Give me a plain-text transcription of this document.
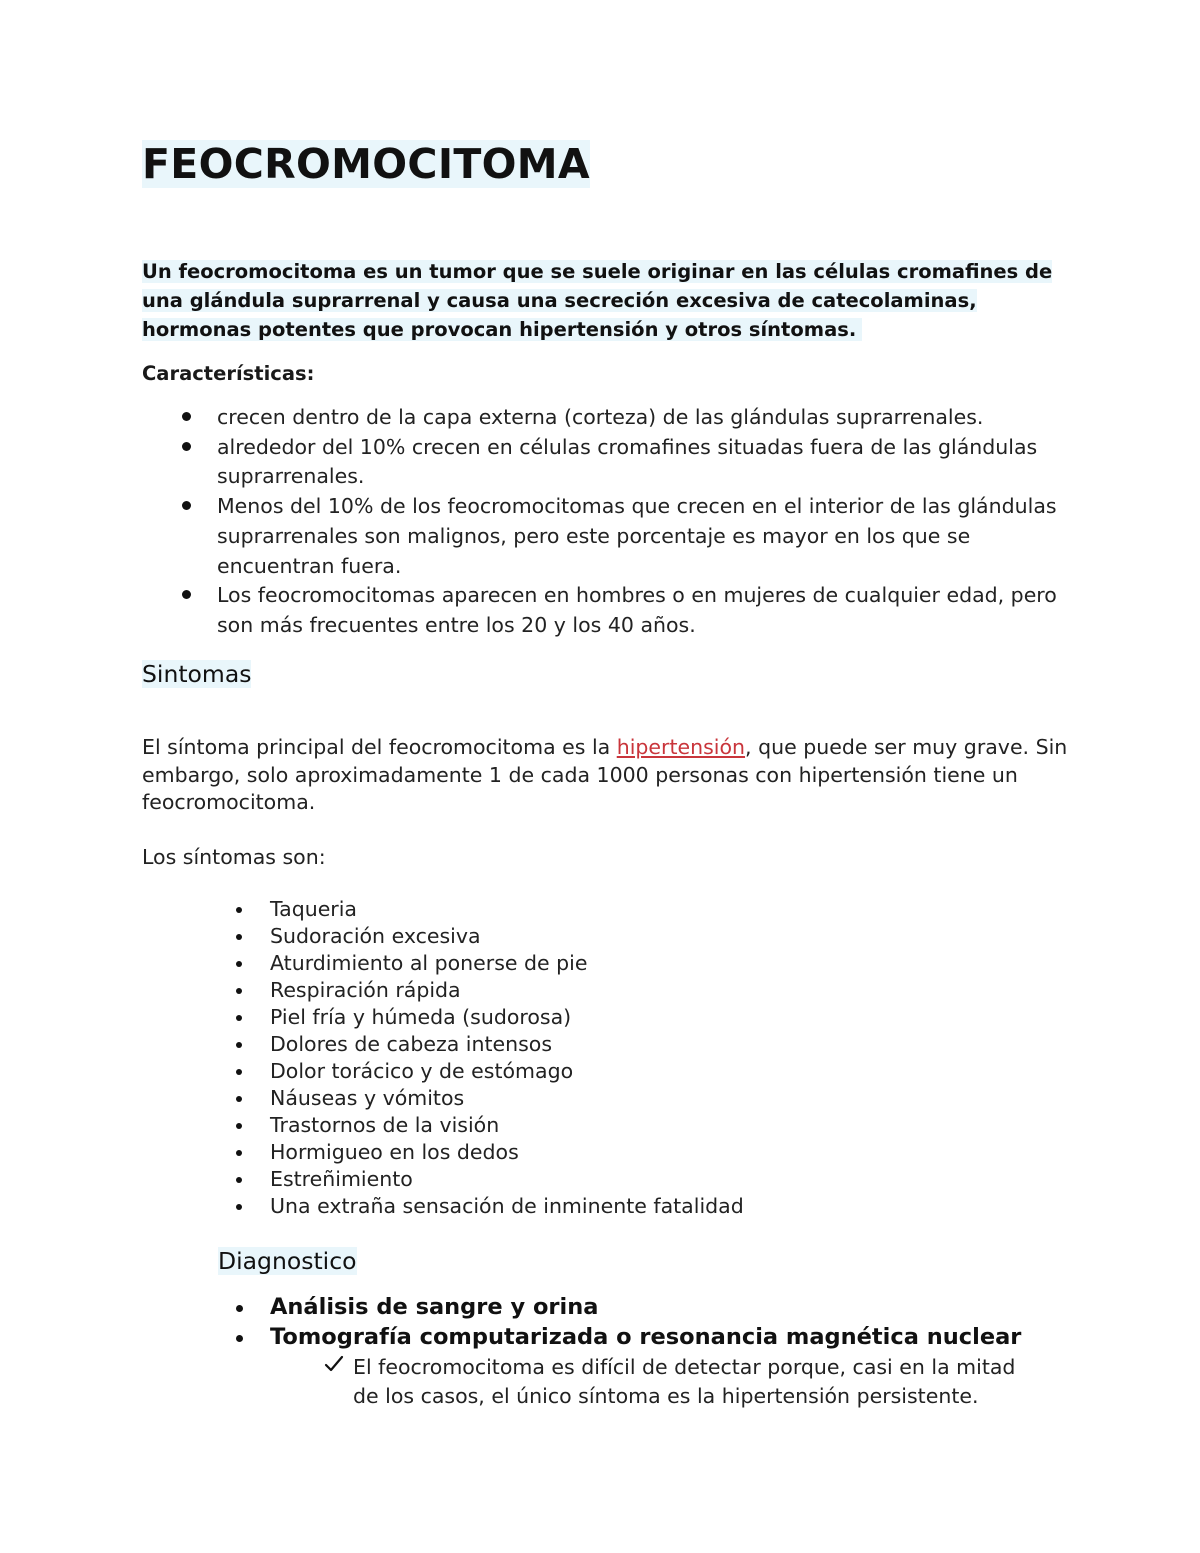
FEOCROMOCITOMA

Un feocromocitoma es un tumor que se suele originar en las células cromafines de una glándula suprarrenal y causa una secreción excesiva de catecolaminas, hormonas potentes que provocan hipertensión y otros síntomas.

Características:

crecen dentro de la capa externa (corteza) de las glándulas suprarrenales.
alrededor del 10% crecen en células cromafines situadas fuera de las glándulas suprarrenales.
Menos del 10% de los feocromocitomas que crecen en el interior de las glándulas suprarrenales son malignos, pero este porcentaje es mayor en los que se encuentran fuera.
Los feocromocitomas aparecen en hombres o en mujeres de cualquier edad, pero son más frecuentes entre los 20 y los 40 años.
Sintomas

El síntoma principal del feocromocitoma es la hipertensión, que puede ser muy grave. Sin embargo, solo aproximadamente 1 de cada 1000 personas con hipertensión tiene un feocromocitoma.

Los síntomas son:

Taqueria
Sudoración excesiva
Aturdimiento al ponerse de pie
Respiración rápida
Piel fría y húmeda (sudorosa)
Dolores de cabeza intensos
Dolor torácico y de estómago
Náuseas y vómitos
Trastornos de la visión
Hormigueo en los dedos
Estreñimiento
Una extraña sensación de inminente fatalidad
Diagnostico
Análisis de sangre y orina
Tomografía computarizada o resonancia magnética nuclear
El feocromocitoma es difícil de detectar porque, casi en la mitad de los casos, el único síntoma es la hipertensión persistente.
